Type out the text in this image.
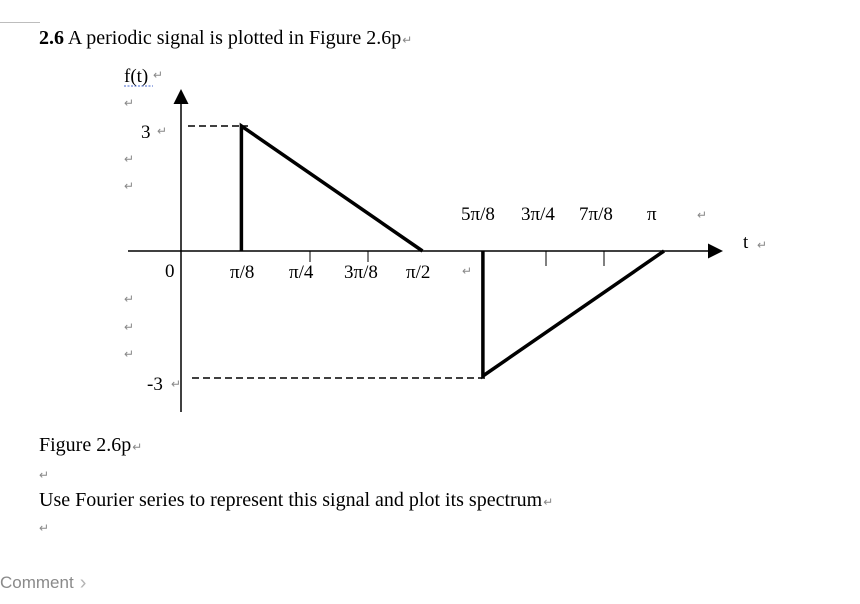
2.6 A periodic signal is plotted in Figure 2.6p↵
f(t)
t
3
-3
0	π/8 π/4 3π/8 π/2
5π/8 3π/4 7π/8 π
↵
↵
↵
↵
↵
↵
↵
↵
↵
↵
↵
↵
Figure 2.6p↵
↵
Use Fourier series to represent this signal and plot its spectrum↵
↵
Comment ›
